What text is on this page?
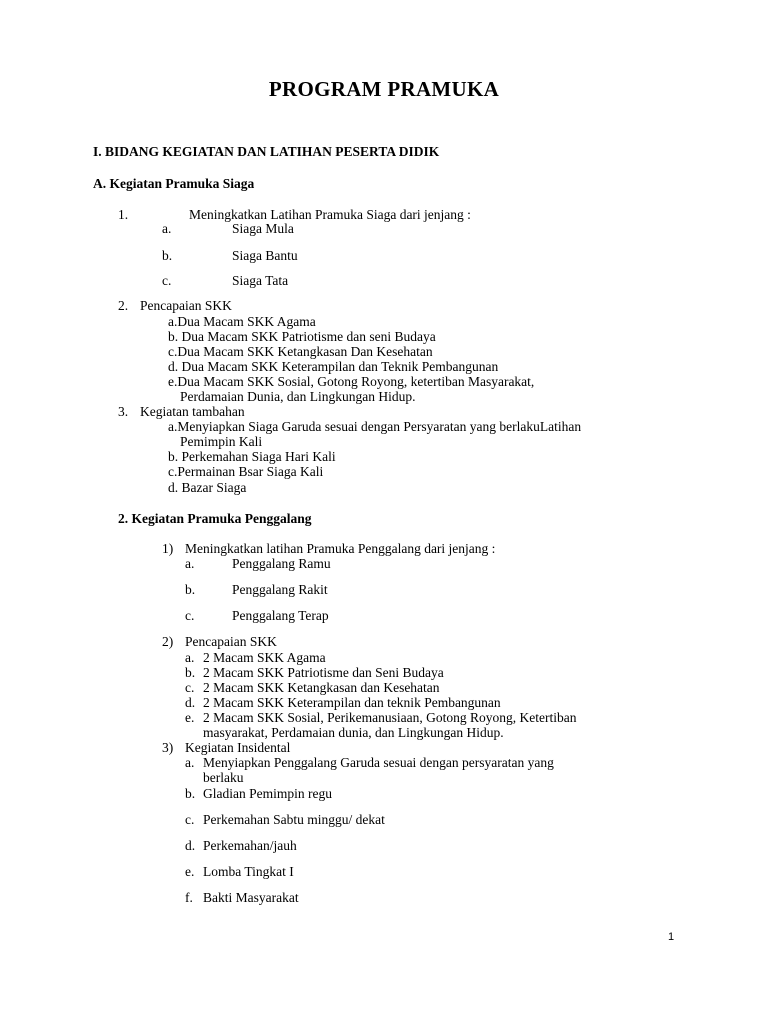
PROGRAM PRAMUKA
I. BIDANG KEGIATAN DAN LATIHAN PESERTA DIDIK
A. Kegiatan Pramuka Siaga
1.	Meningkatkan Latihan Pramuka Siaga dari jenjang :
a.	Siaga Mula
b.	Siaga Bantu
c.	Siaga Tata
2. Pencapaian SKK
a.Dua Macam SKK Agama
b. Dua Macam SKK Patriotisme dan seni Budaya
c.Dua Macam SKK Ketangkasan Dan Kesehatan
d. Dua Macam SKK Keterampilan dan Teknik Pembangunan
e.Dua Macam SKK Sosial, Gotong Royong, ketertiban Masyarakat,
Perdamaian Dunia, dan Lingkungan Hidup.
3. Kegiatan tambahan
a.Menyiapkan Siaga Garuda sesuai dengan Persyaratan yang berlakuLatihan
Pemimpin Kali
b. Perkemahan Siaga Hari Kali
c.Permainan Bsar Siaga Kali
d. Bazar Siaga
2. Kegiatan Pramuka Penggalang
1) Meningkatkan latihan Pramuka Penggalang dari jenjang :
a.	Penggalang Ramu
b.	Penggalang Rakit
c.	Penggalang Terap
2) Pencapaian SKK
a. 2 Macam SKK Agama
b. 2 Macam SKK Patriotisme dan Seni Budaya
c. 2 Macam SKK Ketangkasan dan Kesehatan
d. 2 Macam SKK Keterampilan dan teknik Pembangunan
e. 2 Macam SKK Sosial, Perikemanusiaan, Gotong Royong, Ketertiban
masyarakat, Perdamaian dunia, dan Lingkungan Hidup.
3) Kegiatan Insidental
a. Menyiapkan Penggalang Garuda sesuai dengan persyaratan yang
berlaku
b. Gladian Pemimpin regu
c. Perkemahan Sabtu minggu/ dekat
d. Perkemahan/jauh
e. Lomba Tingkat I
f. Bakti Masyarakat
1
